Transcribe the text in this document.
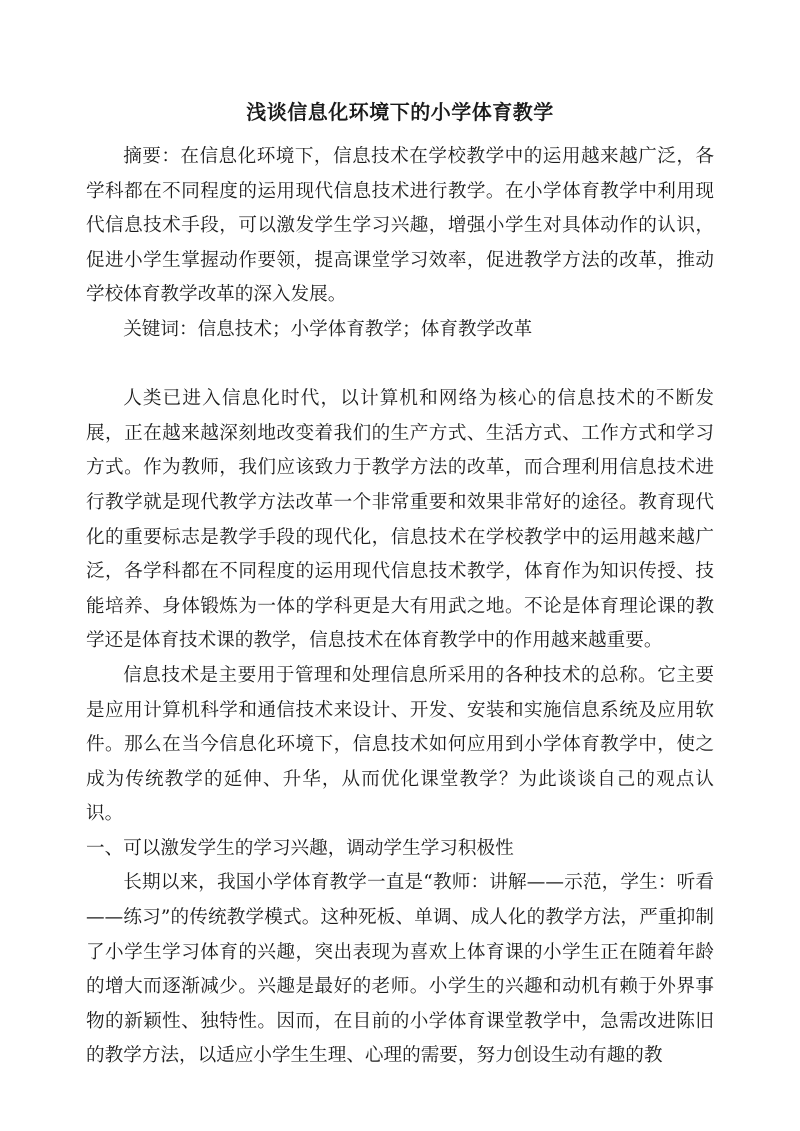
浅谈信息化环境下的小学体育教学

摘要：在信息化环境下，信息技术在学校教学中的运用越来越广泛，各学科都在不同程度的运用现代信息技术进行教学。在小学体育教学中利用现代信息技术手段，可以激发学生学习兴趣，增强小学生对具体动作的认识，促进小学生掌握动作要领，提高课堂学习效率，促进教学方法的改革，推动学校体育教学改革的深入发展。

关键词：信息技术；小学体育教学；体育教学改革

人类已进入信息化时代，以计算机和网络为核心的信息技术的不断发展，正在越来越深刻地改变着我们的生产方式、生活方式、工作方式和学习方式。作为教师，我们应该致力于教学方法的改革，而合理利用信息技术进行教学就是现代教学方法改革一个非常重要和效果非常好的途径。教育现代化的重要标志是教学手段的现代化，信息技术在学校教学中的运用越来越广泛，各学科都在不同程度的运用现代信息技术教学，体育作为知识传授、技能培养、身体锻炼为一体的学科更是大有用武之地。不论是体育理论课的教学还是体育技术课的教学，信息技术在体育教学中的作用越来越重要。

信息技术是主要用于管理和处理信息所采用的各种技术的总称。它主要是应用计算机科学和通信技术来设计、开发、安装和实施信息系统及应用软件。那么在当今信息化环境下，信息技术如何应用到小学体育教学中，使之成为传统教学的延伸、升华，从而优化课堂教学？为此谈谈自己的观点认识。

一、可以激发学生的学习兴趣，调动学生学习积极性

长期以来，我国小学体育教学一直是“教师：讲解——示范，学生：听看——练习”的传统教学模式。这种死板、单调、成人化的教学方法，严重抑制了小学生学习体育的兴趣，突出表现为喜欢上体育课的小学生正在随着年龄的增大而逐渐减少。兴趣是最好的老师。小学生的兴趣和动机有赖于外界事物的新颖性、独特性。因而，在目前的小学体育课堂教学中，急需改进陈旧的教学方法，以适应小学生生理、心理的需要，努力创设生动有趣的教
